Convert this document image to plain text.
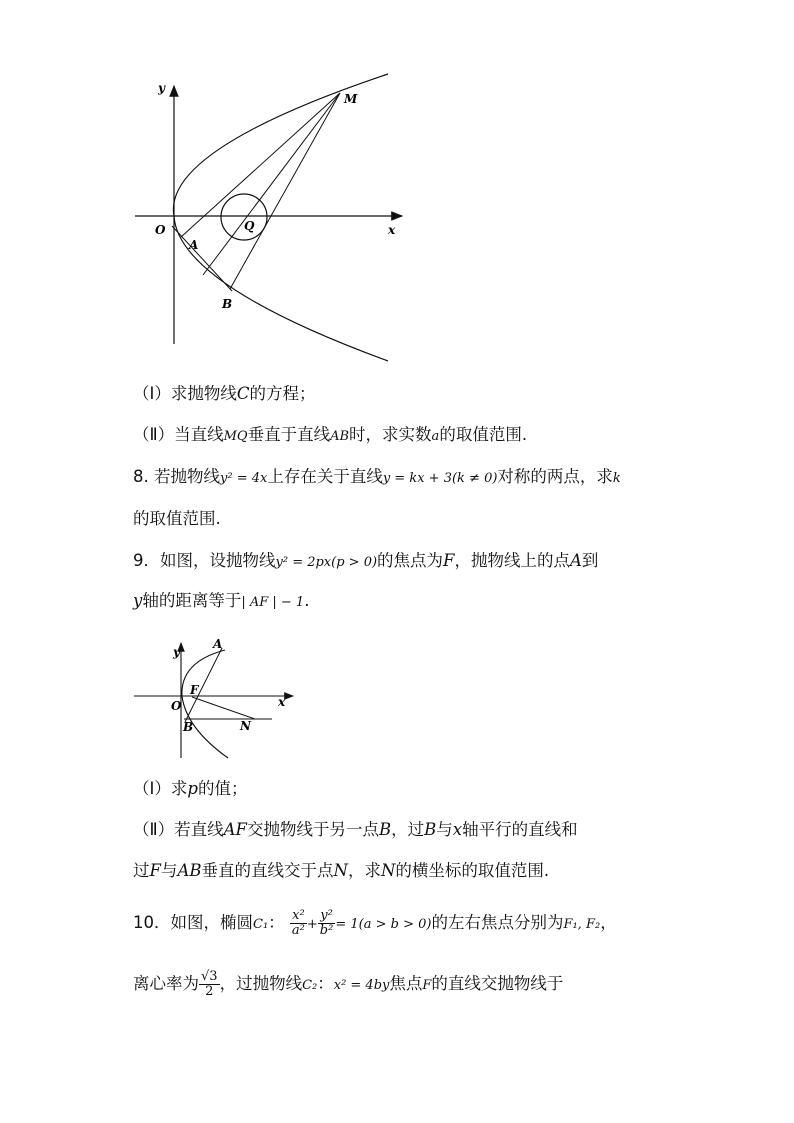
y
M
O	Q	x
A
B
y
A
F
O	x
B	N
（Ⅰ）求抛物线C的方程；
（Ⅱ）当直线MQ垂直于直线AB时，求实数a的取值范围.
8. 若抛物线y² = 4x上存在关于直线y = kx + 3(k ≠ 0)对称的两点，求k
的取值范围.
9．如图，设抛物线y² = 2px(p > 0)的焦点为F，抛物线上的点A到
y轴的距离等于| AF | − 1.
（Ⅰ）求p的值；
（Ⅱ）若直线AF交抛物线于另一点B，过B与x轴平行的直线和
过F与AB垂直的直线交于点N，求N的横坐标的取值范围.
10．如图，椭圆C₁： $\frac{\text{x²}}{\text{a²}} + \frac{\text{y²}}{\text{b²}} = 1(a > b > 0)$的左右焦点分别为F₁, F₂，
离心率为 $\frac{√3}{2}$ ，过抛物线C₂：x² = 4by焦点F的直线交抛物线于
